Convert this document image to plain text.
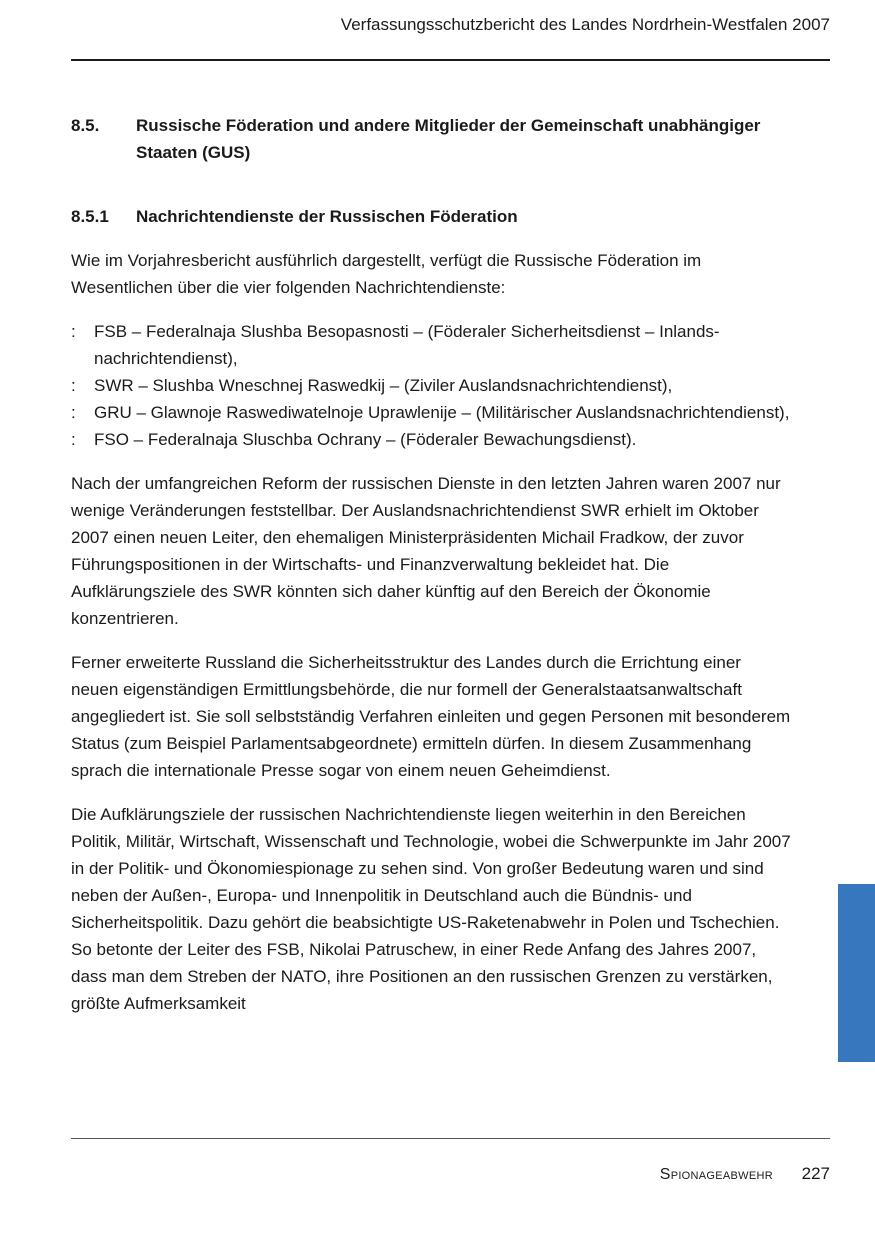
Verfassungsschutzbericht des Landes Nordrhein-Westfalen 2007
8.5.	Russische Föderation und andere Mitglieder der Gemeinschaft unabhängiger Staaten (GUS)
8.5.1	Nachrichtendienste der Russischen Föderation

Wie im Vorjahresbericht ausführlich dargestellt, verfügt die Russische Föderation im Wesentlichen über die vier folgenden Nachrichtendienste:

:	FSB – Federalnaja Slushba Besopasnosti – (Föderaler Sicherheitsdienst – Inlandsnachrichtendienst),
:	SWR – Slushba Wneschnej Raswedkij – (Ziviler Auslandsnachrichtendienst),
:	GRU – Glawnoje Raswediwatelnoje Uprawlenije – (Militärischer Auslandsnachrichtendienst),
:	FSO – Federalnaja Sluschba Ochrany – (Föderaler Bewachungsdienst).

Nach der umfangreichen Reform der russischen Dienste in den letzten Jahren waren 2007 nur wenige Veränderungen feststellbar. Der Auslandsnachrichtendienst SWR erhielt im Oktober 2007 einen neuen Leiter, den ehemaligen Ministerpräsidenten Michail Fradkow, der zuvor Führungspositionen in der Wirtschafts- und Finanzverwaltung bekleidet hat. Die Aufklärungsziele des SWR könnten sich daher künftig auf den Bereich der Ökonomie konzentrieren.

Ferner erweiterte Russland die Sicherheitsstruktur des Landes durch die Errichtung einer neuen eigenständigen Ermittlungsbehörde, die nur formell der Generalstaatsanwaltschaft angegliedert ist. Sie soll selbstständig Verfahren einleiten und gegen Personen mit besonderem Status (zum Beispiel Parlamentsabgeordnete) ermitteln dürfen. In diesem Zusammenhang sprach die internationale Presse sogar von einem neuen Geheimdienst.

Die Aufklärungsziele der russischen Nachrichtendienste liegen weiterhin in den Bereichen Politik, Militär, Wirtschaft, Wissenschaft und Technologie, wobei die Schwerpunkte im Jahr 2007 in der Politik- und Ökonomiespionage zu sehen sind. Von großer Bedeutung waren und sind neben der Außen-, Europa- und Innenpolitik in Deutschland auch die Bündnis- und Sicherheitspolitik. Dazu gehört die beabsichtigte US-Raketenabwehr in Polen und Tschechien. So betonte der Leiter des FSB, Nikolai Patruschew, in einer Rede Anfang des Jahres 2007, dass man dem Streben der NATO, ihre Positionen an den russischen Grenzen zu verstärken, größte Aufmerksamkeit

Spionageabwehr	227
